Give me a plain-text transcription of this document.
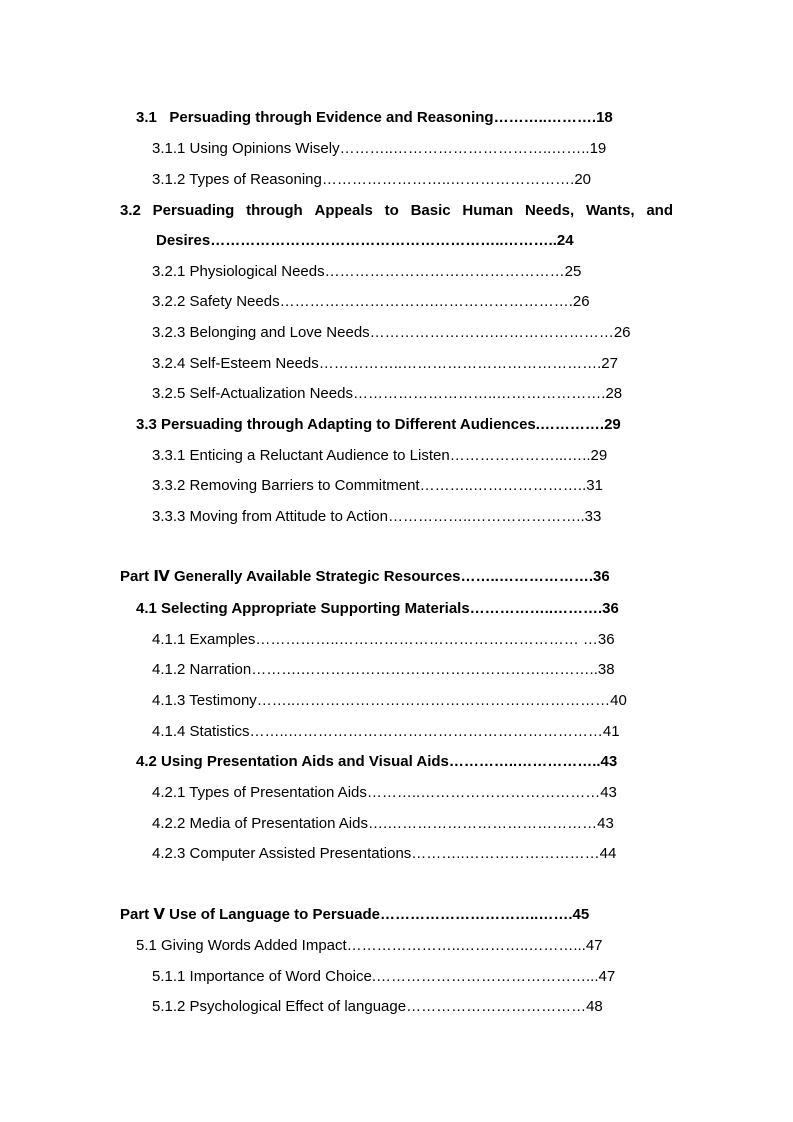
3.1   Persuading through Evidence and Reasoning………..……….18
3.1.1 Using Opinions Wisely………..…………………………..……..19
3.1.2 Types of Reasoning……………………..…………………….20
3.2 Persuading through Appeals to Basic Human Needs, Wants, and
Desires…………………………………………………..………..24
3.2.1 Physiological Needs…………………………………………25
3.2.2 Safety Needs………………………….……………………….26
3.2.3 Belonging and Love Needs…………………….……………………26
3.2.4 Self-Esteem Needs……………..………………………………….27
3.2.5 Self-Actualization Needs………………………..………………….28
3.3 Persuading through Adapting to Different Audiences.………….29
3.3.1 Enticing a Reluctant Audience to Listen…………………...…..29
3.3.2 Removing Barriers to Commitment………..…………………..31
3.3.3 Moving from Attitude to Action……………..…………………..33
Part Ⅳ Generally Available Strategic Resources……..……………….36
4.1 Selecting Appropriate Supporting Materials……………..……….36
4.1.1 Examples……………..………………………………………… …36
4.1.2 Narration……….………………………………………….………..38
4.1.3 Testimony……..………………………………………………………40
4.1.4 Statistics……..………………………………………………………41
4.2 Using Presentation Aids and Visual Aids…………..……………..43
4.2.1 Types of Presentation Aids………..………………………………43
4.2.2 Media of Presentation Aids….……………………………………43
4.2.3 Computer Assisted Presentations………..………………………44
Part Ⅴ Use of Language to Persuade…………………………..…….45
5.1 Giving Words Added Impact…………………..…………..………...47
5.1.1 Importance of Word Choice.……………………………………...47
5.1.2 Psychological Effect of language………………………………48
